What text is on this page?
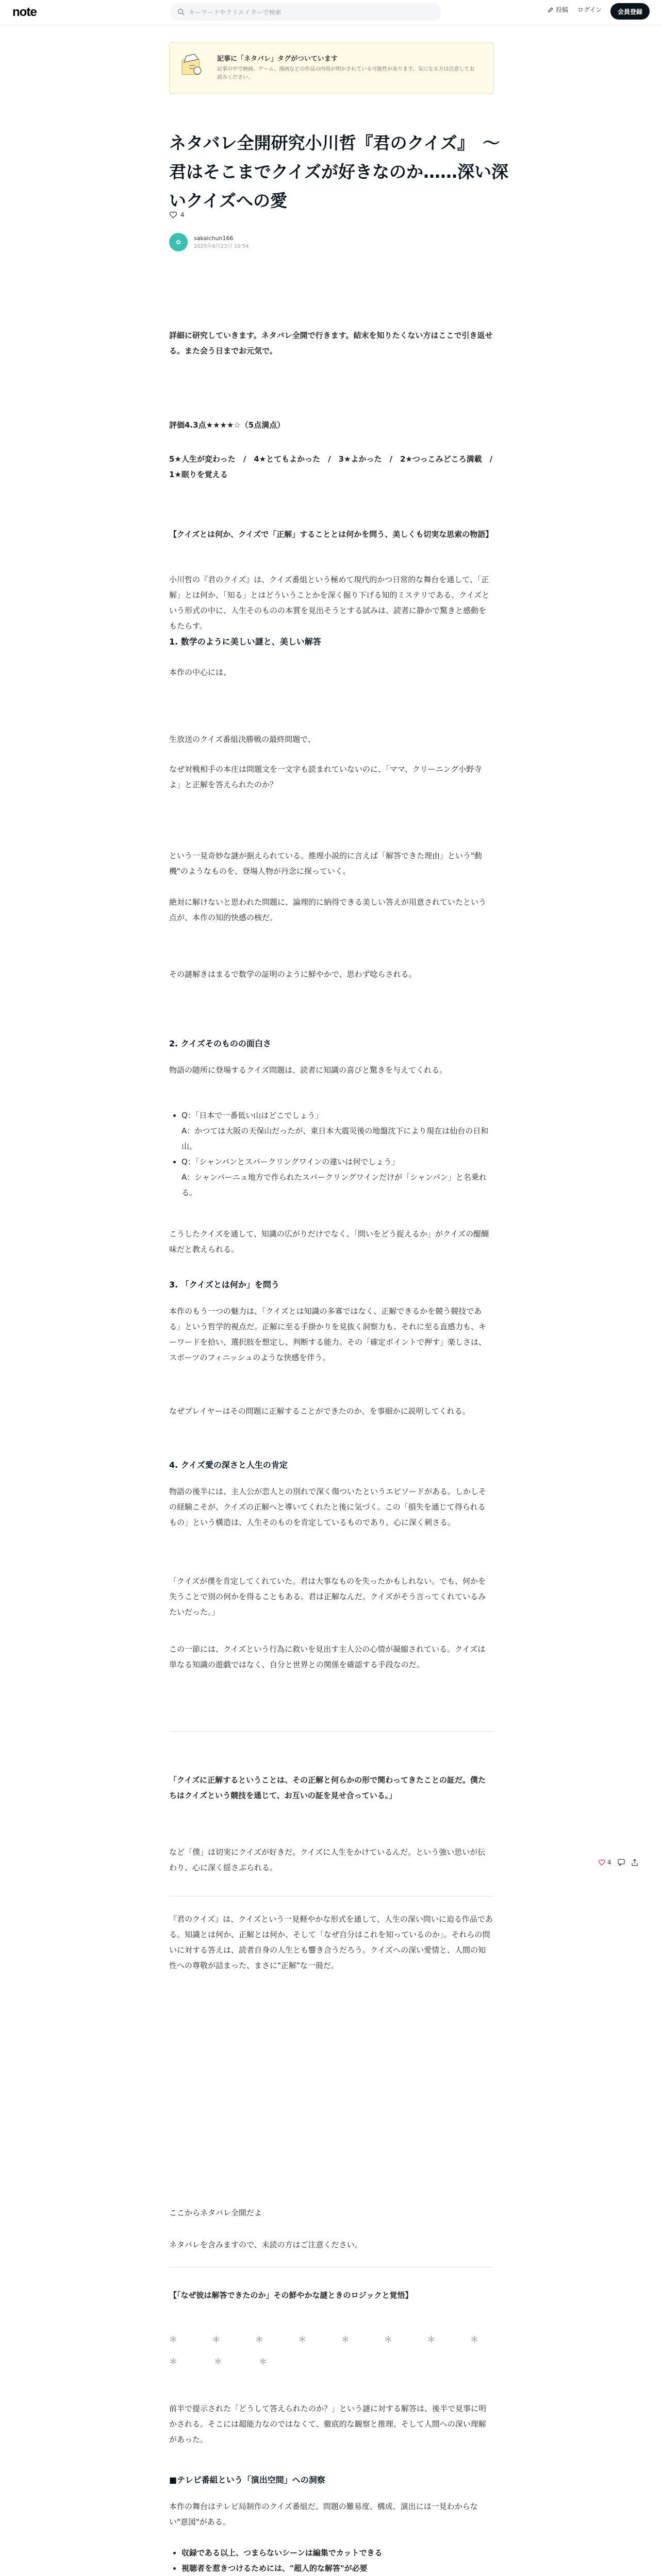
note	キーワードやクリエイターで検索	投稿 ログイン	会員登録
記事に「ネタバレ」タグがついています
記事の中で映画、ゲーム、漫画などの作品の内容が明かされている可能性があります。気になる方は注意してお読みください。
ネタバレ全開研究小川哲『君のクイズ』　〜君はそこまでクイズが好きなのか……深い深いクイズへの愛
4
✿
sakaichun166
2025年6月23日 10:54
詳細に研究していきます。ネタバレ全開で行きます。結末を知りたくない方はここで引き返せる。また会う日までお元気で。
評価4.3点★★★★☆（5点満点）
5★人生が変わった　/　4★とてもよかった　/　3★よかった　/　2★つっこみどころ満載　/　1★眠りを覚える
【クイズとは何か、クイズで「正解」することとは何かを問う、美しくも切実な思索の物語】
小川哲の『君のクイズ』は、クイズ番組という極めて現代的かつ日常的な舞台を通して、「正解」とは何か、「知る」とはどういうことかを深く掘り下げる知的ミステリである。クイズという形式の中に、人生そのものの本質を見出そうとする試みは、読者に静かで驚きと感動をもたらす。
1. 数学のように美しい謎と、美しい解答
本作の中心には、
生放送のクイズ番組決勝戦の最終問題で、
なぜ対戦相手の本庄は問題文を一文字も読まれていないのに、「ママ、クリーニング小野寺よ」と正解を答えられたのか？
という一見奇妙な謎が据えられている。推理小説的に言えば「解答できた理由」という"動機"のようなものを、登場人物が丹念に探っていく。
絶対に解けないと思われた問題に、論理的に納得できる美しい答えが用意されていたという点が、本作の知的快感の核だ。
その謎解きはまるで数学の証明のように鮮やかで、思わず唸らされる。
2. クイズそのものの面白さ
物語の随所に登場するクイズ問題は、読者に知識の喜びと驚きを与えてくれる。
• Q：「日本で一番低い山はどこでしょう」
A：かつては大阪の天保山だったが、東日本大震災後の地盤沈下により現在は仙台の日和山。
• Q：「シャンパンとスパークリングワインの違いは何でしょう」
A：シャンパーニュ地方で作られたスパークリングワインだけが「シャンパン」と名乗れる。
こうしたクイズを通して、知識の広がりだけでなく、「問いをどう捉えるか」がクイズの醍醐味だと教えられる。
3. 「クイズとは何か」を問う
本作のもう一つの魅力は、「クイズとは知識の多寡ではなく、正解できるかを競う競技である」という哲学的視点だ。正解に至る手掛かりを見抜く洞察力も、それに至る直感力も、キーワードを拾い、選択肢を想定し、判断する能力。その「確定ポイントで押す」楽しさは、スポーツのフィニッシュのような快感を伴う。
なぜプレイヤーはその問題に正解することができたのか、を事細かに説明してくれる。
4. クイズ愛の深さと人生の肯定
物語の後半には、主人公が恋人との別れで深く傷ついたというエピソードがある。しかしその経験こそが、クイズの正解へと導いてくれたと後に気づく。この「損失を通じて得られるもの」という構造は、人生そのものを肯定しているものであり、心に深く刺さる。
「クイズが僕を肯定してくれていた。君は大事なものを失ったかもしれない。でも、何かを失うことで別の何かを得ることもある。君は正解なんだ。クイズがそう言ってくれているみたいだった。」
この一節には、クイズという行為に救いを見出す主人公の心情が凝縮されている。クイズは単なる知識の遊戯ではなく、自分と世界との関係を確認する手段なのだ。
「クイズに正解するということは、その正解と何らかの形で関わってきたことの証だ。僕たちはクイズという競技を通じて、お互いの証を見せ合っている。」
など「僕」は切実にクイズが好きだ。クイズに人生をかけているんだ。という強い思いが伝わり、心に深く揺さぶられる。
『君のクイズ』は、クイズという一見軽やかな形式を通して、人生の深い問いに迫る作品である。知識とは何か、正解とは何か、そして「なぜ自分はこれを知っているのか」。それらの問いに対する答えは、読者自身の人生とも響き合うだろう。クイズへの深い愛情と、人間の知性への尊敬が詰まった、まさに"正解"な一冊だ。
ここからネタバレ全開だよ
ネタバレを含みますので、未読の方はご注意ください。
【「なぜ彼は解答できたのか」その鮮やかな謎ときのロジックと覚悟】
＊	＊	＊	＊	＊	＊	＊	＊
＊	＊	＊
前半で提示された「どうして答えられたのか？」という謎に対する解答は、後半で見事に明かされる。そこには超能力なのではなくて、徹底的な観察と推理、そして人間への深い理解があった。
■テレビ番組という「演出空間」への洞察
本作の舞台はテレビ局制作のクイズ番組だ。問題の難易度、構成、演出には一見わからない"意図"がある。
• 収録である以上、つまらないシーンは編集でカットできる
• 視聴者を惹きつけるためには、"超人的な解答"が必要
4
